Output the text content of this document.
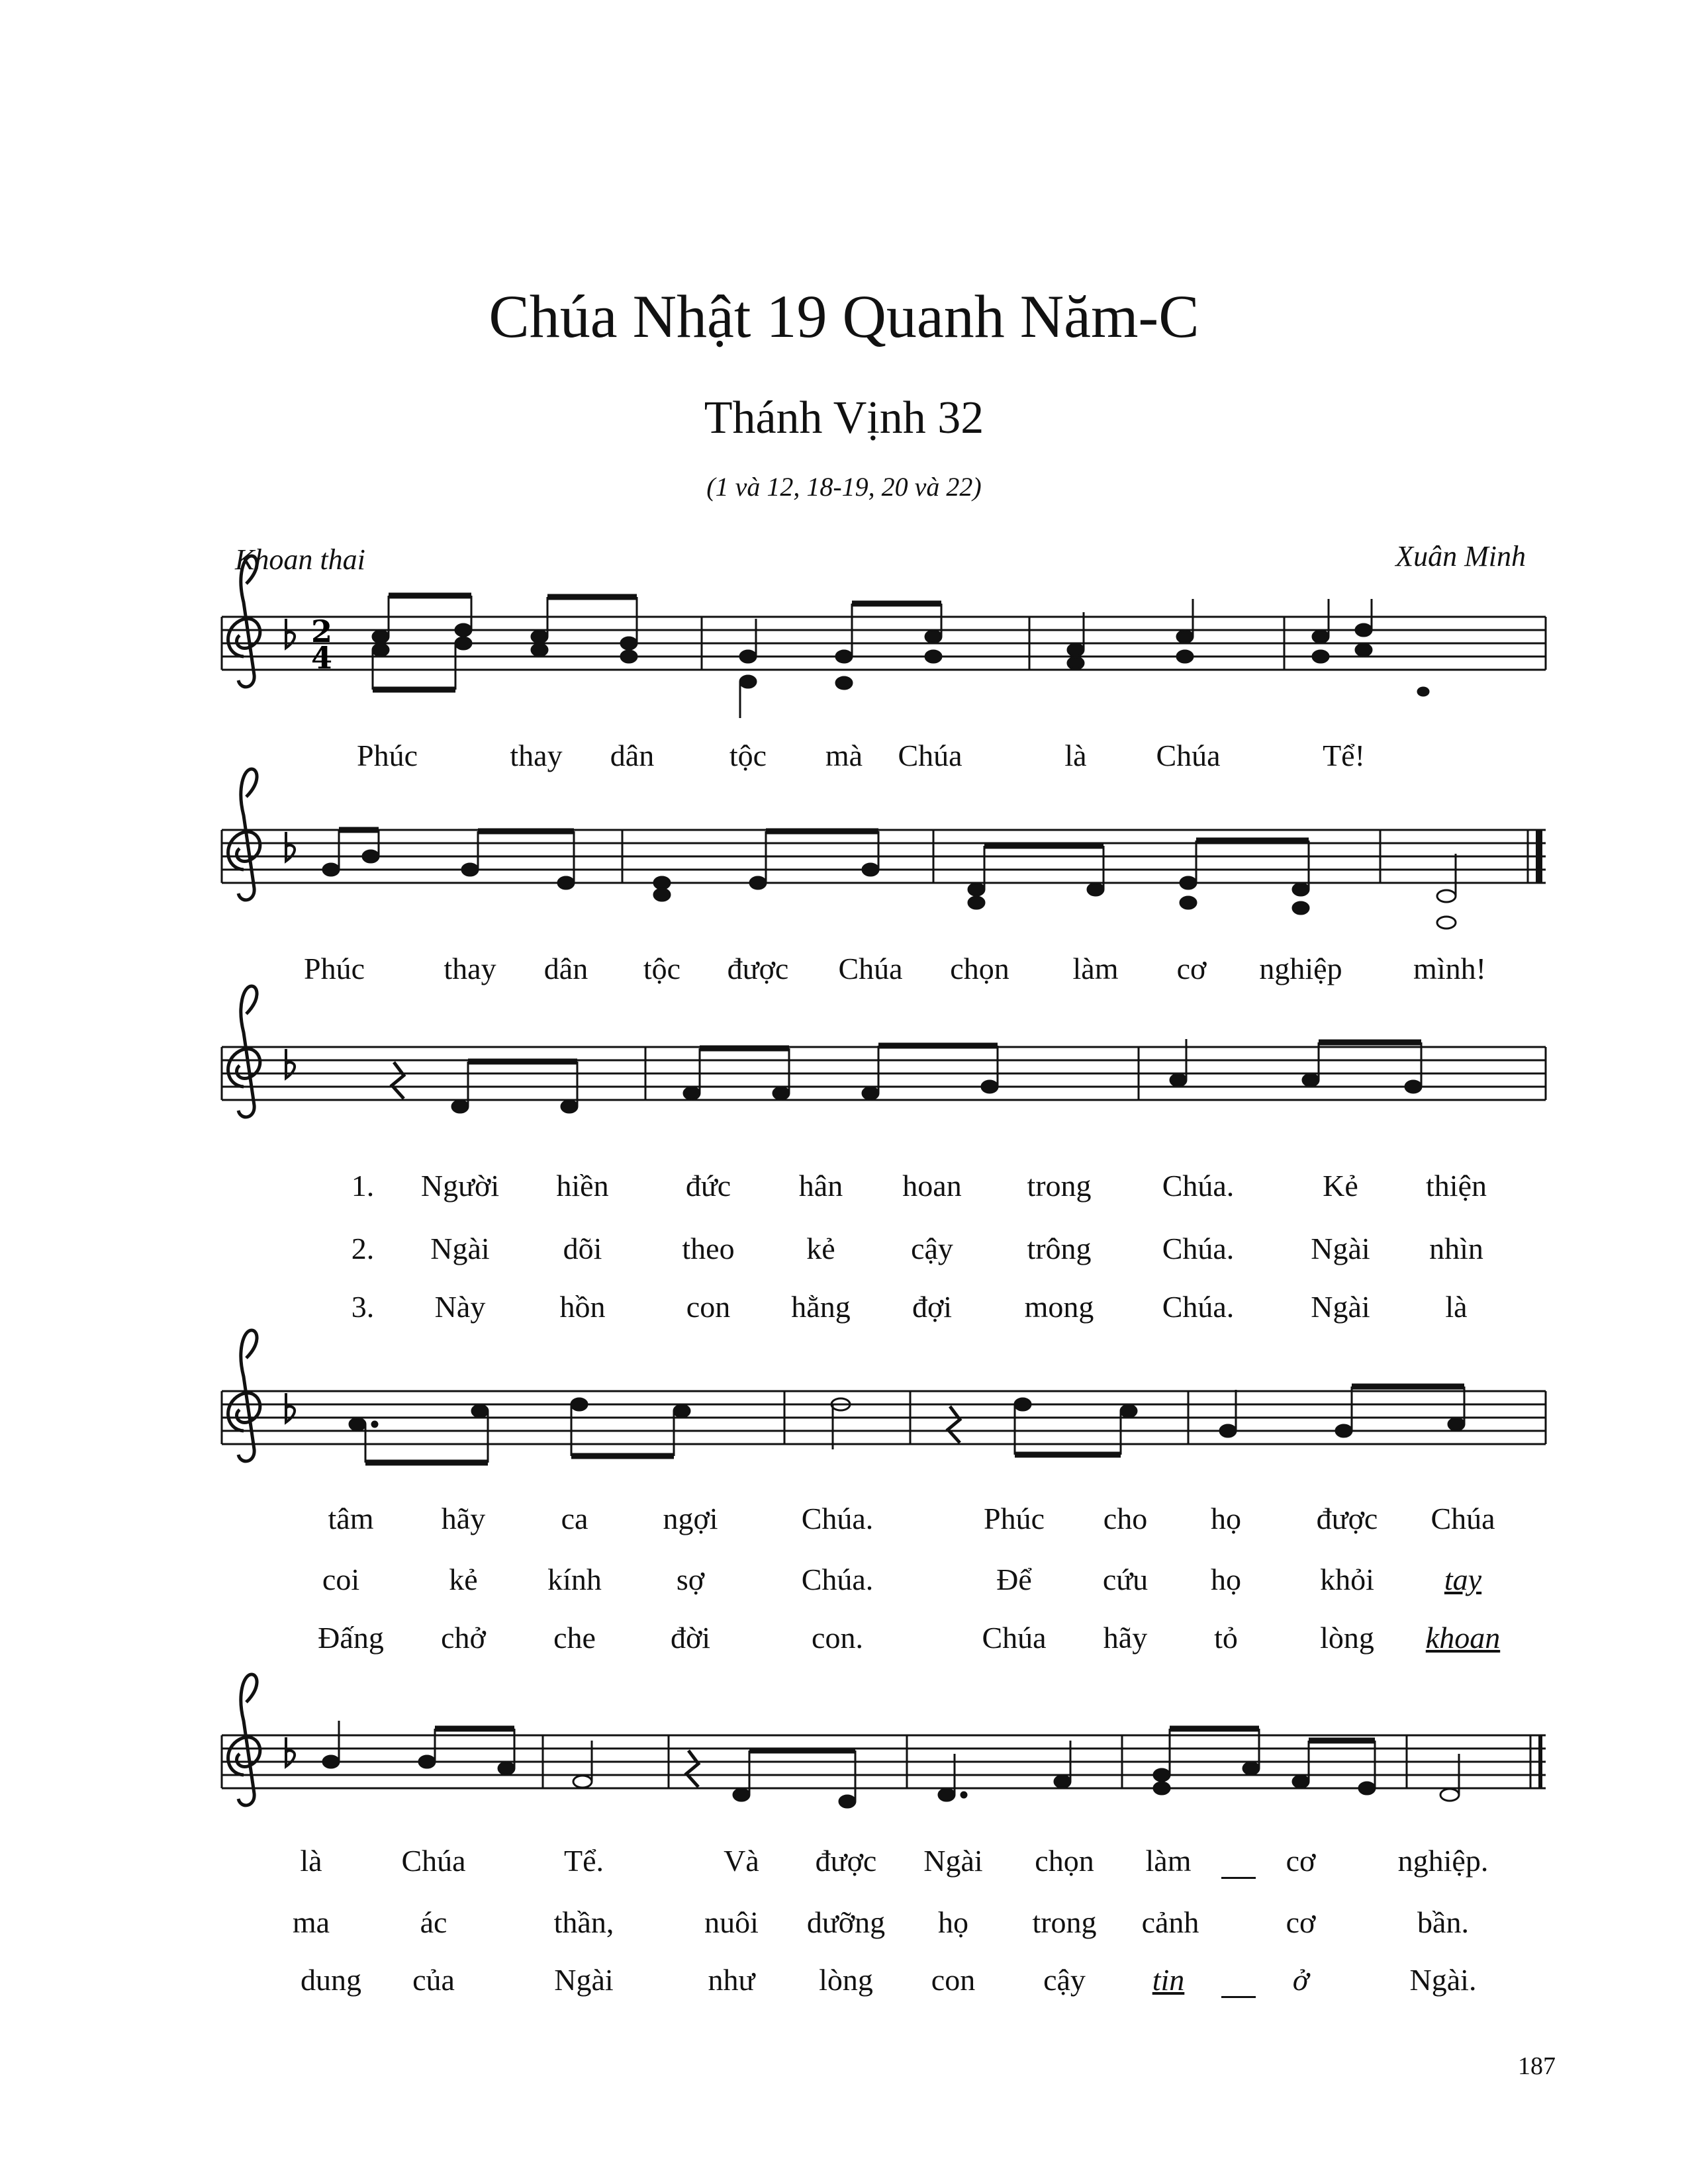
Chúa Nhật 19 Quanh Năm-C
Thánh Vịnh 32
(1 và 12, 18-19, 20 và 22)
Khoan thai	Xuân Minh
2
4
Phúc	thay dân tộc mà Chúa	là Chúa	Tể!
Phúc	thay dân tộc được Chúa chọn làm cơ nghiệp mình!
1. Người hiền	đức hân hoan trong Chúa.	Kẻ thiện
2. Ngài dõi	theo kẻ cậy trông Chúa.	Ngài nhìn
3. Này hồn	con hằng đợi mong Chúa.	Ngài là
tâm hãy ca ngợi	Chúa.	Phúc cho họ được Chúa
coi	kẻ kính sợ	Chúa.	Để cứu họ	khỏi tay
Đấng chở che đời	con.	Chúa hãy tỏ	lòng khoan
là	Chúa	Tể.	Và được Ngài chọn làm	cơ	nghiệp.
ma	ác	thần,	nuôi dưỡng họ trong cảnh	cơ	bần.
dung của	Ngài	như lòng con cậy tin	ở	Ngài.
187
